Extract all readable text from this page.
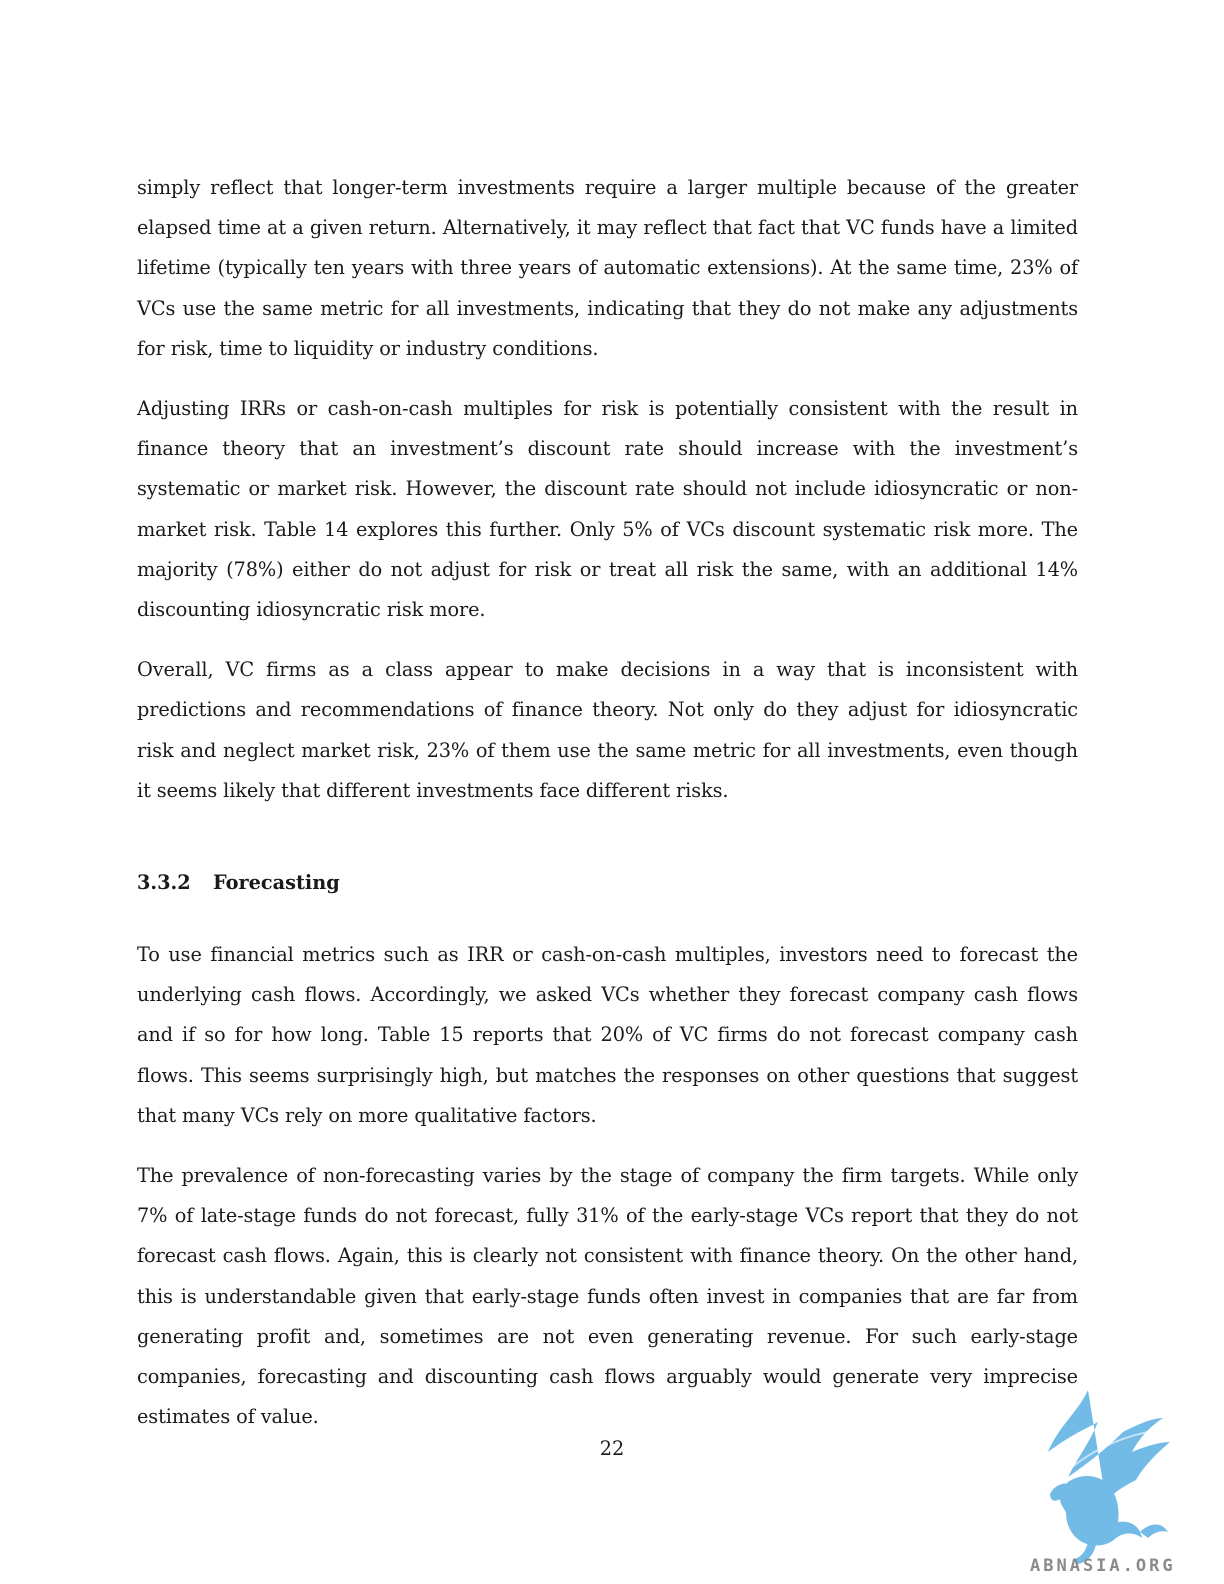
simply reflect that longer-term investments require a larger multiple because of the greater elapsed time at a given return. Alternatively, it may reflect that fact that VC funds have a limited lifetime (typically ten years with three years of automatic extensions). At the same time, 23% of VCs use the same metric for all investments, indicating that they do not make any adjustments for risk, time to liquidity or industry conditions.

Adjusting IRRs or cash-on-cash multiples for risk is potentially consistent with the result in finance theory that an investment’s discount rate should increase with the investment’s systematic or market risk. However, the discount rate should not include idiosyncratic or non-market risk. Table 14 explores this further. Only 5% of VCs discount systematic risk more. The majority (78%) either do not adjust for risk or treat all risk the same, with an additional 14% discounting idiosyncratic risk more.

Overall, VC firms as a class appear to make decisions in a way that is inconsistent with predictions and recommendations of finance theory. Not only do they adjust for idiosyncratic risk and neglect market risk, 23% of them use the same metric for all investments, even though it seems likely that different investments face different risks.

3.3.2 Forecasting

To use financial metrics such as IRR or cash-on-cash multiples, investors need to forecast the underlying cash flows. Accordingly, we asked VCs whether they forecast company cash flows and if so for how long. Table 15 reports that 20% of VC firms do not forecast company cash flows. This seems surprisingly high, but matches the responses on other questions that suggest that many VCs rely on more qualitative factors.

The prevalence of non-forecasting varies by the stage of company the firm targets. While only 7% of late-stage funds do not forecast, fully 31% of the early-stage VCs report that they do not forecast cash flows. Again, this is clearly not consistent with finance theory. On the other hand, this is understandable given that early-stage funds often invest in companies that are far from generating profit and, sometimes are not even generating revenue. For such early-stage companies, forecasting and discounting cash flows arguably would generate very imprecise estimates of value.

22
ABNASIA.ORG
